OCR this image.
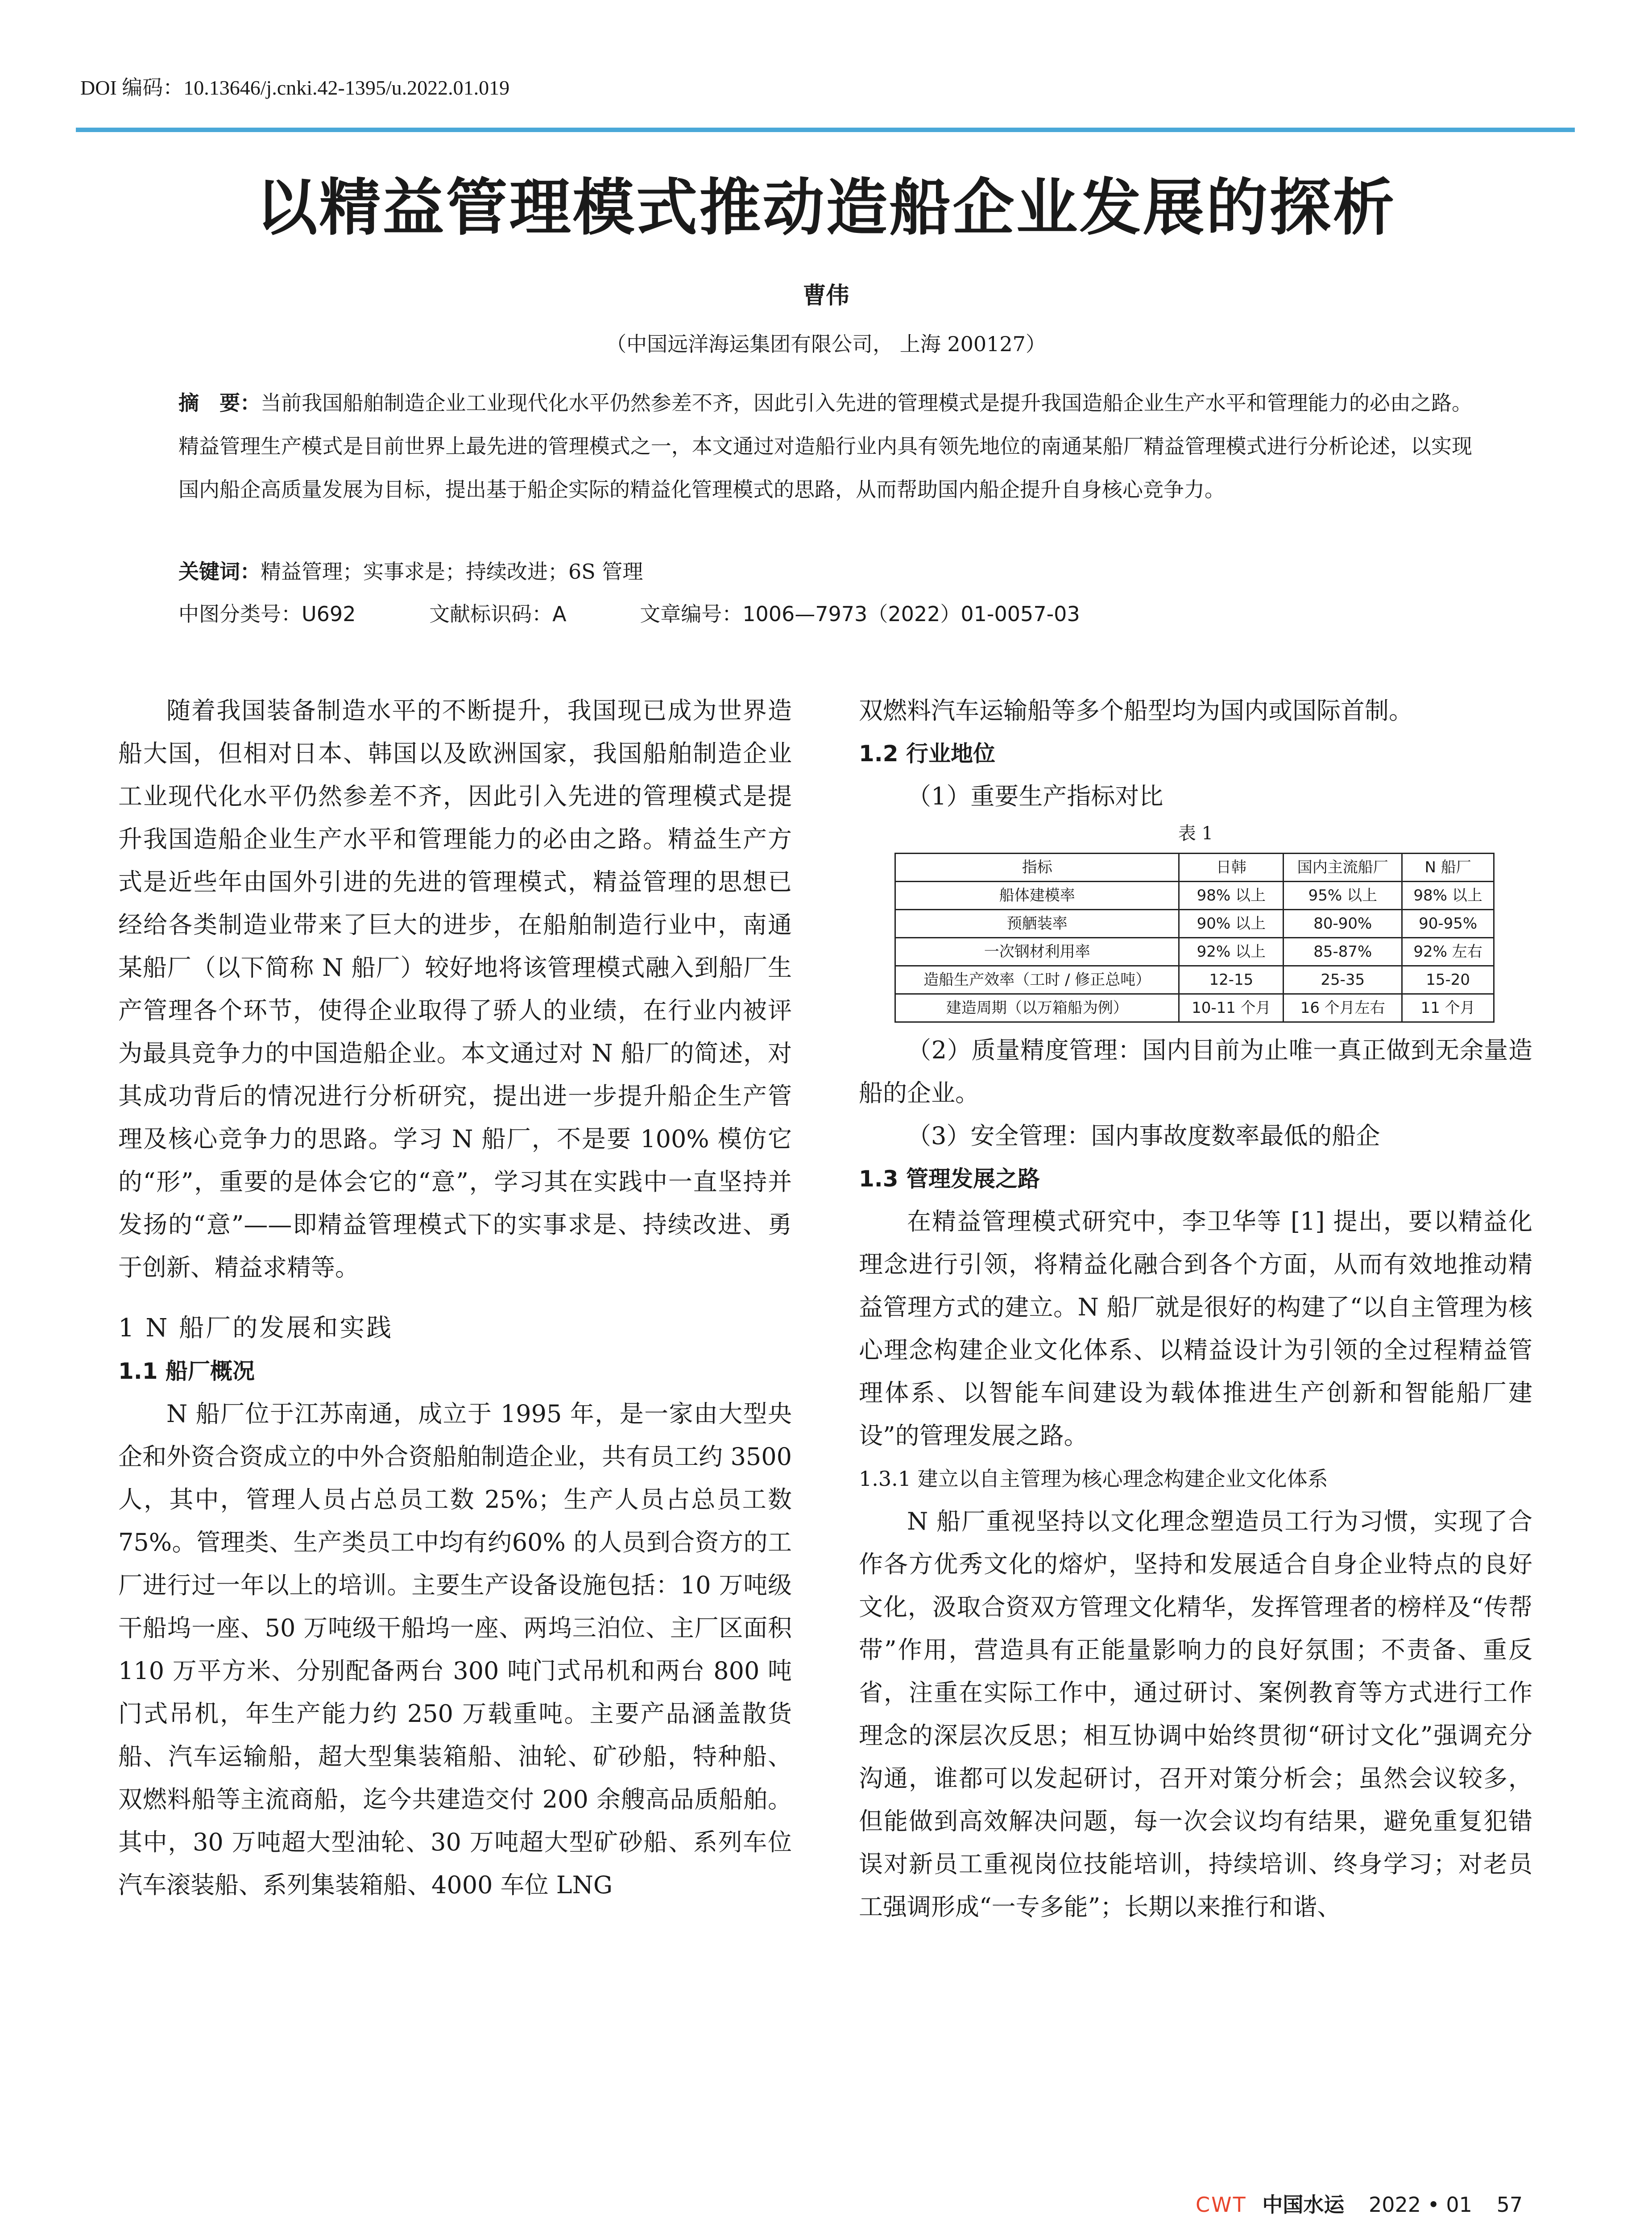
DOI 编码：10.13646/j.cnki.42-1395/u.2022.01.019
以精益管理模式推动造船企业发展的探析
曹伟
（中国远洋海运集团有限公司， 上海 200127）
摘　要：当前我国船舶制造企业工业现代化水平仍然参差不齐，因此引入先进的管理模式是提升我国造船企业生产水平和管理能力的必由之路。精益管理生产模式是目前世界上最先进的管理模式之一，本文通过对造船行业内具有领先地位的南通某船厂精益管理模式进行分析论述，以实现国内船企高质量发展为目标，提出基于船企实际的精益化管理模式的思路，从而帮助国内船企提升自身核心竞争力。
关键词：精益管理；实事求是；持续改进；6S 管理
中图分类号：U692	文献标识码：A	文章编号：1006—7973（2022）01-0057-03

随着我国装备制造水平的不断提升，我国现已成为世界造船大国，但相对日本、韩国以及欧洲国家，我国船舶制造企业工业现代化水平仍然参差不齐，因此引入先进的管理模式是提升我国造船企业生产水平和管理能力的必由之路。精益生产方式是近些年由国外引进的先进的管理模式，精益管理的思想已经给各类制造业带来了巨大的进步，在船舶制造行业中，南通某船厂（以下简称 N 船厂）较好地将该管理模式融入到船厂生产管理各个环节，使得企业取得了骄人的业绩，在行业内被评为最具竞争力的中国造船企业。本文通过对 N 船厂的简述，对其成功背后的情况进行分析研究，提出进一步提升船企生产管理及核心竞争力的思路。学习 N 船厂，不是要 100% 模仿它的“形”，重要的是体会它的“意”，学习其在实践中一直坚持并发扬的“意”——即精益管理模式下的实事求是、持续改进、勇于创新、精益求精等。

1 N 船厂的发展和实践

1.1 船厂概况

N 船厂位于江苏南通，成立于 1995 年，是一家由大型央企和外资合资成立的中外合资船舶制造企业，共有员工约 3500 人，其中，管理人员占总员工数 25%；生产人员占总员工数 75%。管理类、生产类员工中均有约60% 的人员到合资方的工厂进行过一年以上的培训。主要生产设备设施包括：10 万吨级干船坞一座、50 万吨级干船坞一座、两坞三泊位、主厂区面积 110 万平方米、分别配备两台 300 吨门式吊机和两台 800 吨门式吊机，年生产能力约 250 万载重吨。主要产品涵盖散货船、汽车运输船，超大型集装箱船、油轮、矿砂船，特种船、双燃料船等主流商船，迄今共建造交付 200 余艘高品质船舶。其中，30 万吨超大型油轮、30 万吨超大型矿砂船、系列车位汽车滚装船、系列集装箱船、4000 车位 LNG

双燃料汽车运输船等多个船型均为国内或国际首制。

1.2 行业地位

（1）重要生产指标对比

表 1

指标	日韩	国内主流船厂	N 船厂
船体建模率	98% 以上	95% 以上	98% 以上
预舾装率	90% 以上	80-90%	90-95%
一次钢材利用率	92% 以上	85-87%	92% 左右
造船生产效率（工时 / 修正总吨）	12-15	25-35	15-20
建造周期（以万箱船为例）	10-11 个月	16 个月左右	11 个月

（2）质量精度管理：国内目前为止唯一真正做到无余量造船的企业。

（3）安全管理：国内事故度数率最低的船企

1.3 管理发展之路

在精益管理模式研究中，李卫华等 [1] 提出，要以精益化理念进行引领，将精益化融合到各个方面，从而有效地推动精益管理方式的建立。N 船厂就是很好的构建了“以自主管理为核心理念构建企业文化体系、以精益设计为引领的全过程精益管理体系、以智能车间建设为载体推进生产创新和智能船厂建设”的管理发展之路。

1.3.1 建立以自主管理为核心理念构建企业文化体系

N 船厂重视坚持以文化理念塑造员工行为习惯，实现了合作各方优秀文化的熔炉，坚持和发展适合自身企业特点的良好文化，汲取合资双方管理文化精华，发挥管理者的榜样及“传帮带”作用，营造具有正能量影响力的良好氛围；不责备、重反省，注重在实际工作中，通过研讨、案例教育等方式进行工作理念的深层次反思；相互协调中始终贯彻“研讨文化”强调充分沟通，谁都可以发起研讨，召开对策分析会；虽然会议较多，但能做到高效解决问题，每一次会议均有结果，避免重复犯错误对新员工重视岗位技能培训，持续培训、终身学习；对老员工强调形成“一专多能”；长期以来推行和谐、

CWT 中国水运 2022 • 01 57
